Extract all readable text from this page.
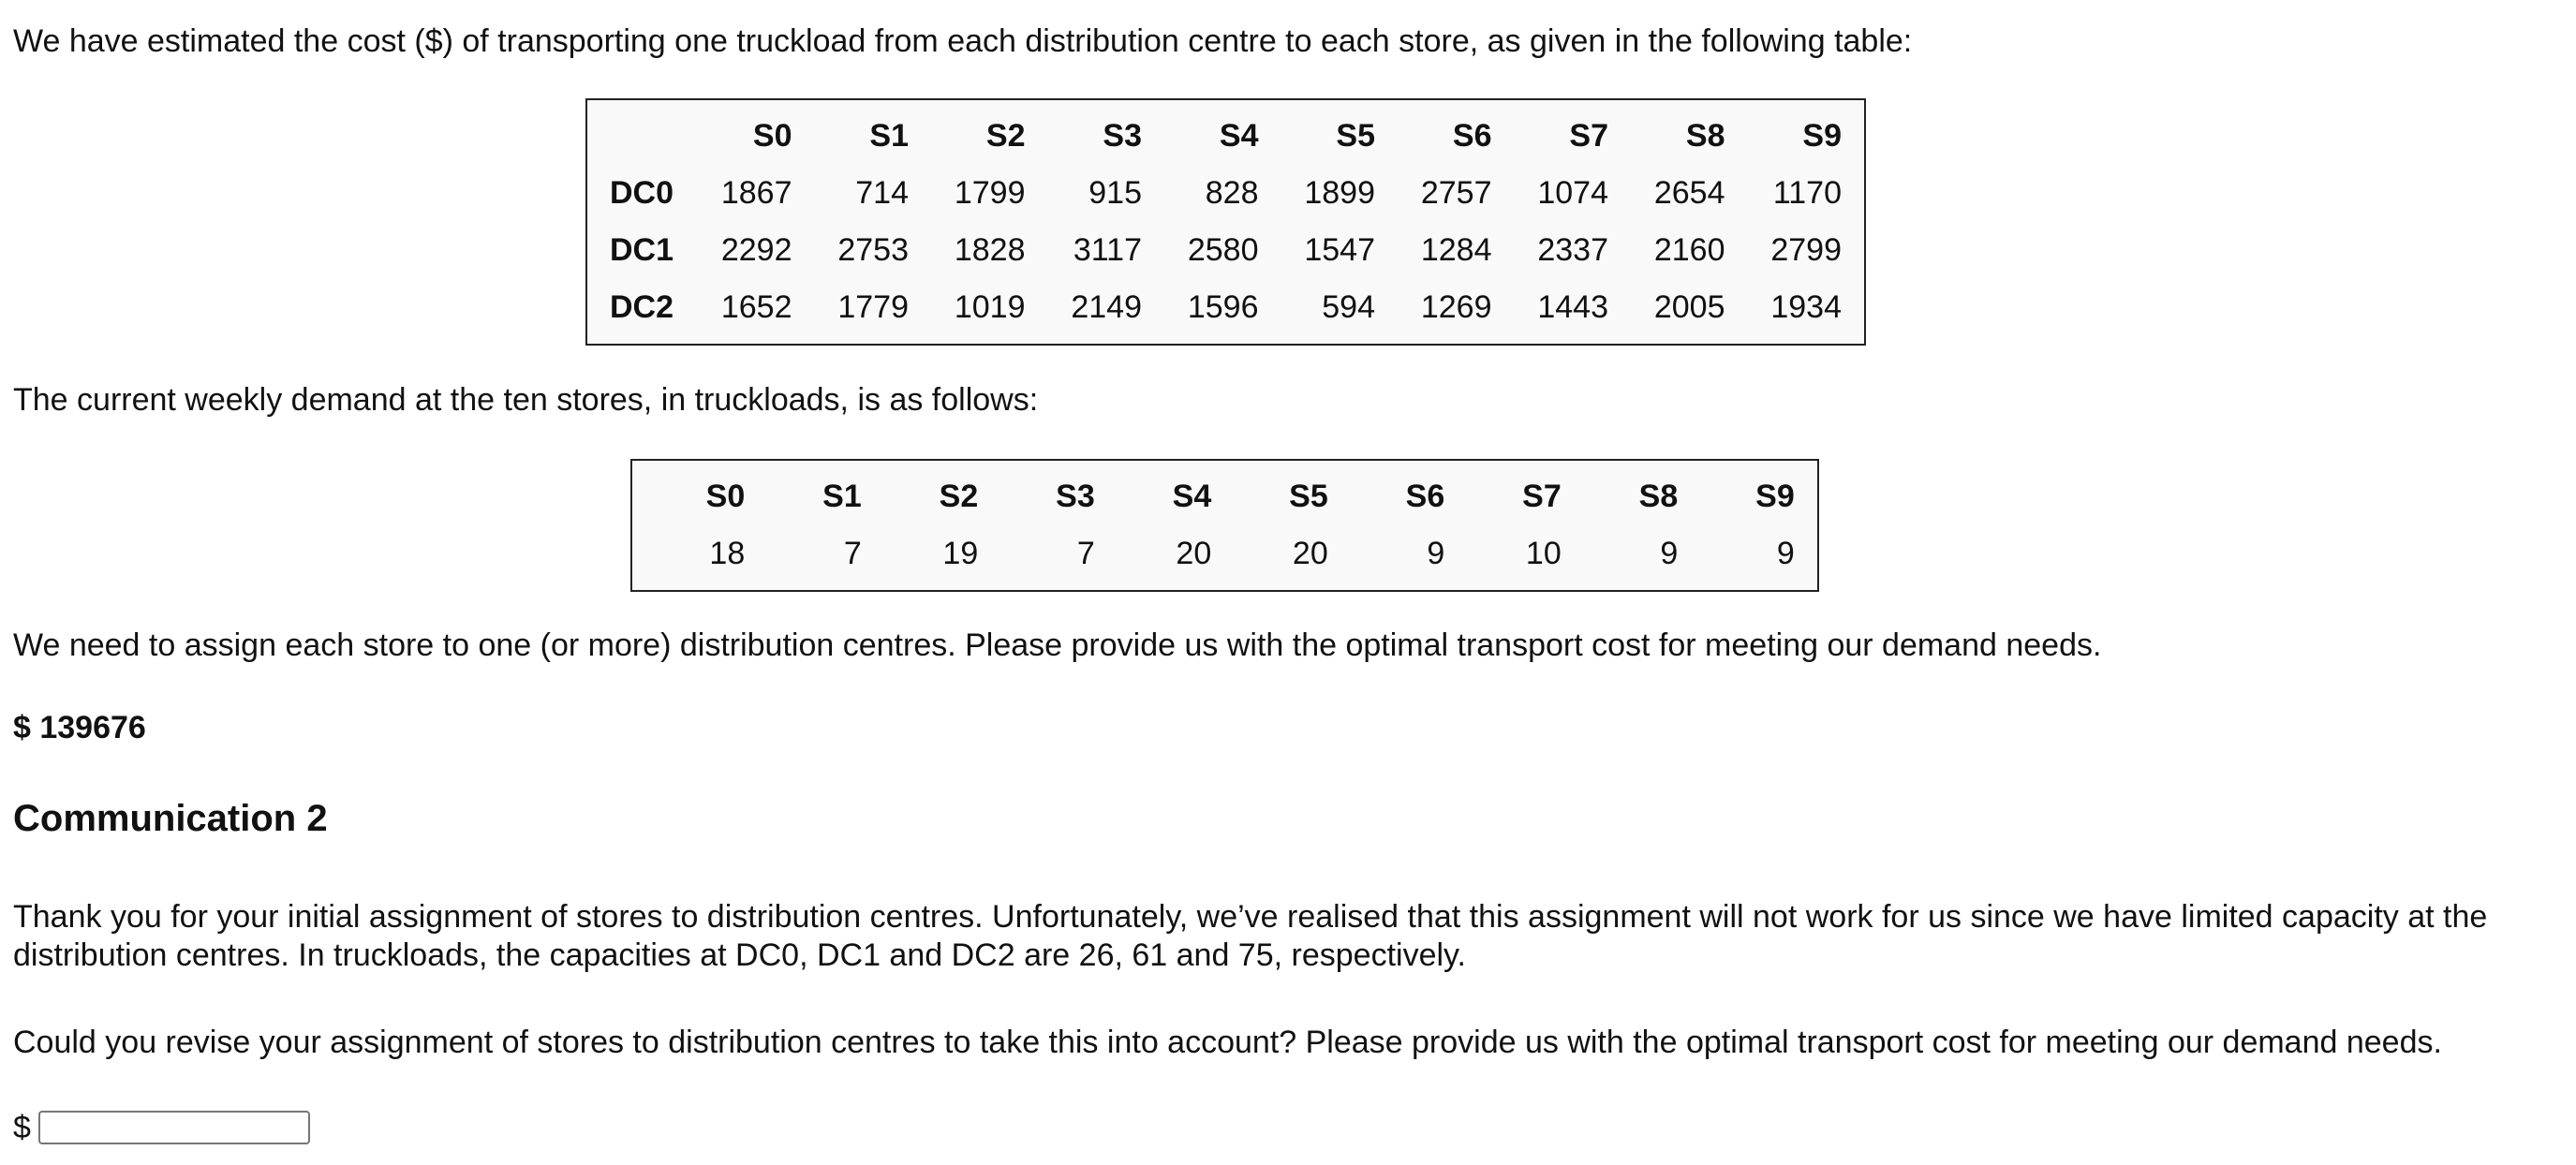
We have estimated the cost ($) of transporting one truckload from each distribution centre to each store, as given in the following table:

	S0	S1	S2	S3	S4	S5	S6	S7	S8	S9
DC0	1867	714	1799	915	828	1899	2757	1074	2654	1170
DC1	2292	2753	1828	3117	2580	1547	1284	2337	2160	2799
DC2	1652	1779	1019	2149	1596	594	1269	1443	2005	1934

The current weekly demand at the ten stores, in truckloads, is as follows:

S0	S1	S2	S3	S4	S5	S6	S7	S8	S9
18	7	19	7	20	20	9	10	9	9

We need to assign each store to one (or more) distribution centres. Please provide us with the optimal transport cost for meeting our demand needs.

$ 139676

Communication 2

Thank you for your initial assignment of stores to distribution centres. Unfortunately, we’ve realised that this assignment will not work for us since we have limited capacity at the distribution centres. In truckloads, the capacities at DC0, DC1 and DC2 are 26, 61 and 75, respectively.

Could you revise your assignment of stores to distribution centres to take this into account? Please provide us with the optimal transport cost for meeting our demand needs.

$
